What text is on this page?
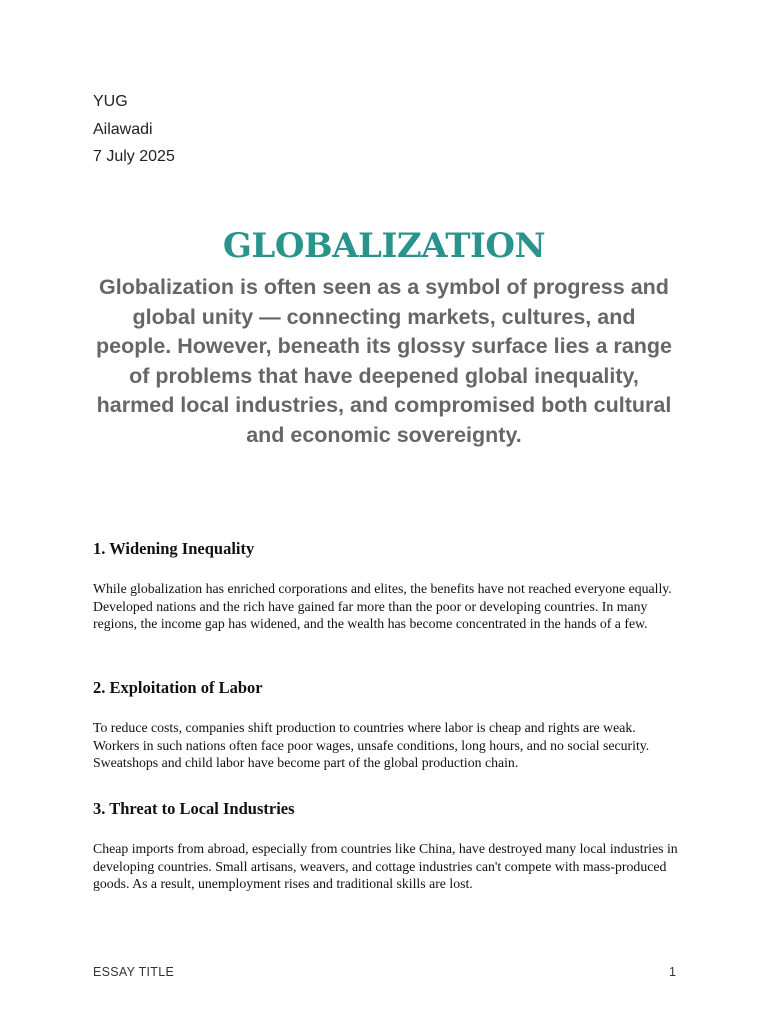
YUG
Ailawadi
7 July 2025
GLOBALIZATION

Globalization is often seen as a symbol of progress and global unity — connecting markets, cultures, and people. However, beneath its glossy surface lies a range of problems that have deepened global inequality, harmed local industries, and compromised both cultural and economic sovereignty.

1. Widening Inequality

While globalization has enriched corporations and elites, the benefits have not reached everyone equally. Developed nations and the rich have gained far more than the poor or developing countries. In many regions, the income gap has widened, and the wealth has become concentrated in the hands of a few.

2. Exploitation of Labor

To reduce costs, companies shift production to countries where labor is cheap and rights are weak. Workers in such nations often face poor wages, unsafe conditions, long hours, and no social security. Sweatshops and child labor have become part of the global production chain.

3. Threat to Local Industries

Cheap imports from abroad, especially from countries like China, have destroyed many local industries in developing countries. Small artisans, weavers, and cottage industries can't compete with mass-produced goods. As a result, unemployment rises and traditional skills are lost.

ESSAY TITLE	1
